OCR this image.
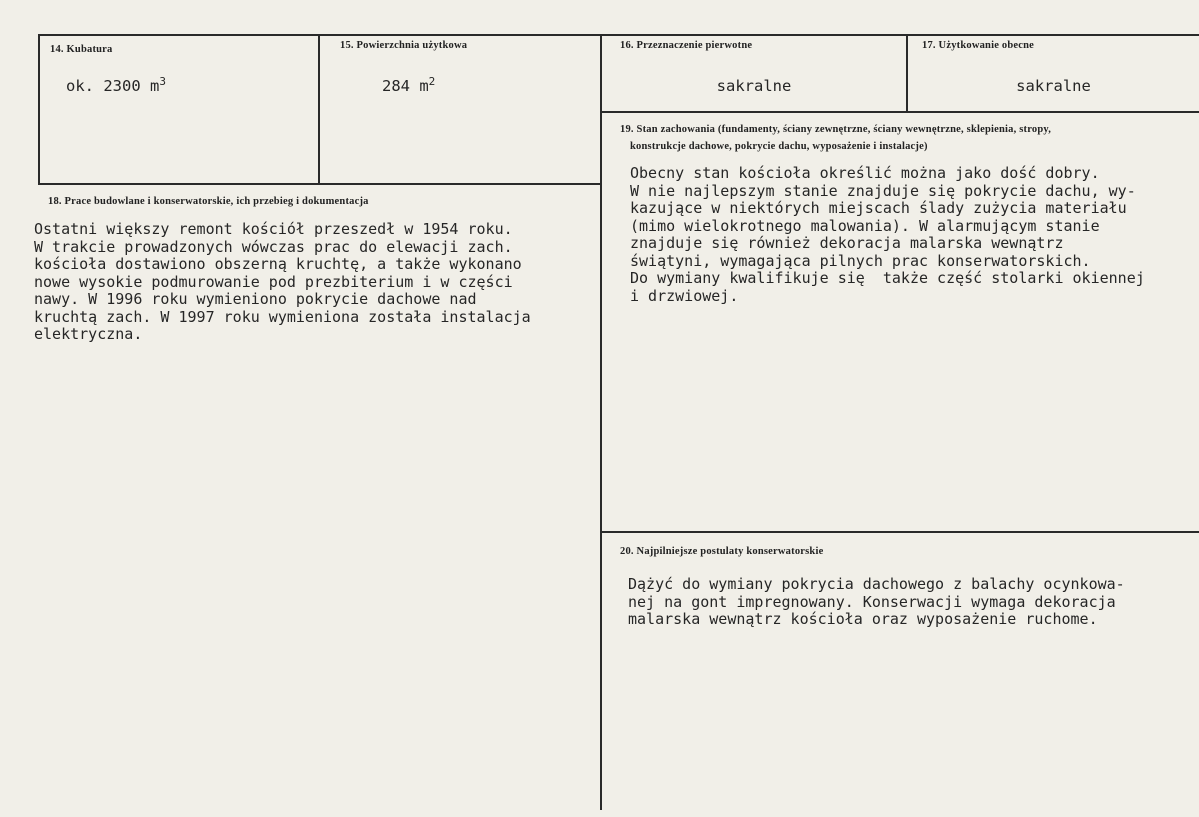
14. Kubatura
ok. 2300 $m^3$
15. Powierzchnia użytkowa
284 $m^2$
16. Przeznaczenie pierwotne
sakralne
17. Użytkowanie obecne
sakralne
19. Stan zachowania (fundamenty, ściany zewnętrzne, ściany wewnętrzne, sklepienia, stropy,
konstrukcje dachowe, pokrycie dachu, wyposażenie i instalacje)
Obecny stan kościoła określić można jako dość dobry.
W nie najlepszym stanie znajduje się pokrycie dachu, wy-
kazujące w niektórych miejscach ślady zużycia materiału
(mimo wielokrotnego malowania). W alarmującym stanie
znajduje się również dekoracja malarska wewnątrz
świątyni, wymagająca pilnych prac konserwatorskich.
Do wymiany kwalifikuje się  także część stolarki okiennej
i drzwiowej.
18. Prace budowlane i konserwatorskie, ich przebieg i dokumentacja
Ostatni większy remont kościół przeszedł w 1954 roku.
W trakcie prowadzonych wówczas prac do elewacji zach.
kościoła dostawiono obszerną kruchtę, a także wykonano
nowe wysokie podmurowanie pod prezbiterium i w części
nawy. W 1996 roku wymieniono pokrycie dachowe nad
kruchtą zach. W 1997 roku wymieniona została instalacja
elektryczna.
20. Najpilniejsze postulaty konserwatorskie
Dążyć do wymiany pokrycia dachowego z balachy ocynkowa-
nej na gont impregnowany. Konserwacji wymaga dekoracja
malarska wewnątrz kościoła oraz wyposażenie ruchome.
